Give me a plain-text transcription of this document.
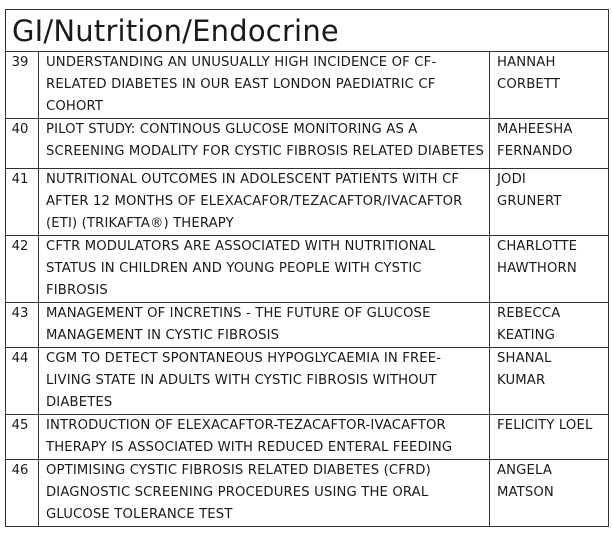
GI/Nutrition/Endocrine		
39	UNDERSTANDING AN UNUSUALLY HIGH INCIDENCE OF CF-RELATED DIABETES IN OUR EAST LONDON PAEDIATRIC CF COHORT	HANNAH
CORBETT

40	PILOT STUDY: CONTINOUS GLUCOSE MONITORING AS A SCREENING MODALITY FOR CYSTIC FIBROSIS RELATED DIABETES	MAHEESHA
FERNANDO

41	NUTRITIONAL OUTCOMES IN ADOLESCENT PATIENTS WITH CF AFTER 12 MONTHS OF ELEXACAFOR/TEZACAFTOR/IVACAFTOR (ETI) (TRIKAFTA®) THERAPY	JODI
GRUNERT

42	CFTR MODULATORS ARE ASSOCIATED WITH NUTRITIONAL STATUS IN CHILDREN AND YOUNG PEOPLE WITH CYSTIC FIBROSIS	CHARLOTTE
HAWTHORN

43	MANAGEMENT OF INCRETINS - THE FUTURE OF GLUCOSE MANAGEMENT IN CYSTIC FIBROSIS	REBECCA
KEATING

44	CGM TO DETECT SPONTANEOUS HYPOGLYCAEMIA IN FREE-LIVING STATE IN ADULTS WITH CYSTIC FIBROSIS WITHOUT DIABETES	SHANAL
KUMAR

45	INTRODUCTION OF ELEXACAFTOR-TEZACAFTOR-IVACAFTOR THERAPY IS ASSOCIATED WITH REDUCED ENTERAL FEEDING	FELICITY LOEL

46	OPTIMISING CYSTIC FIBROSIS RELATED DIABETES (CFRD) DIAGNOSTIC SCREENING PROCEDURES USING THE ORAL GLUCOSE TOLERANCE TEST	ANGELA
MATSON
